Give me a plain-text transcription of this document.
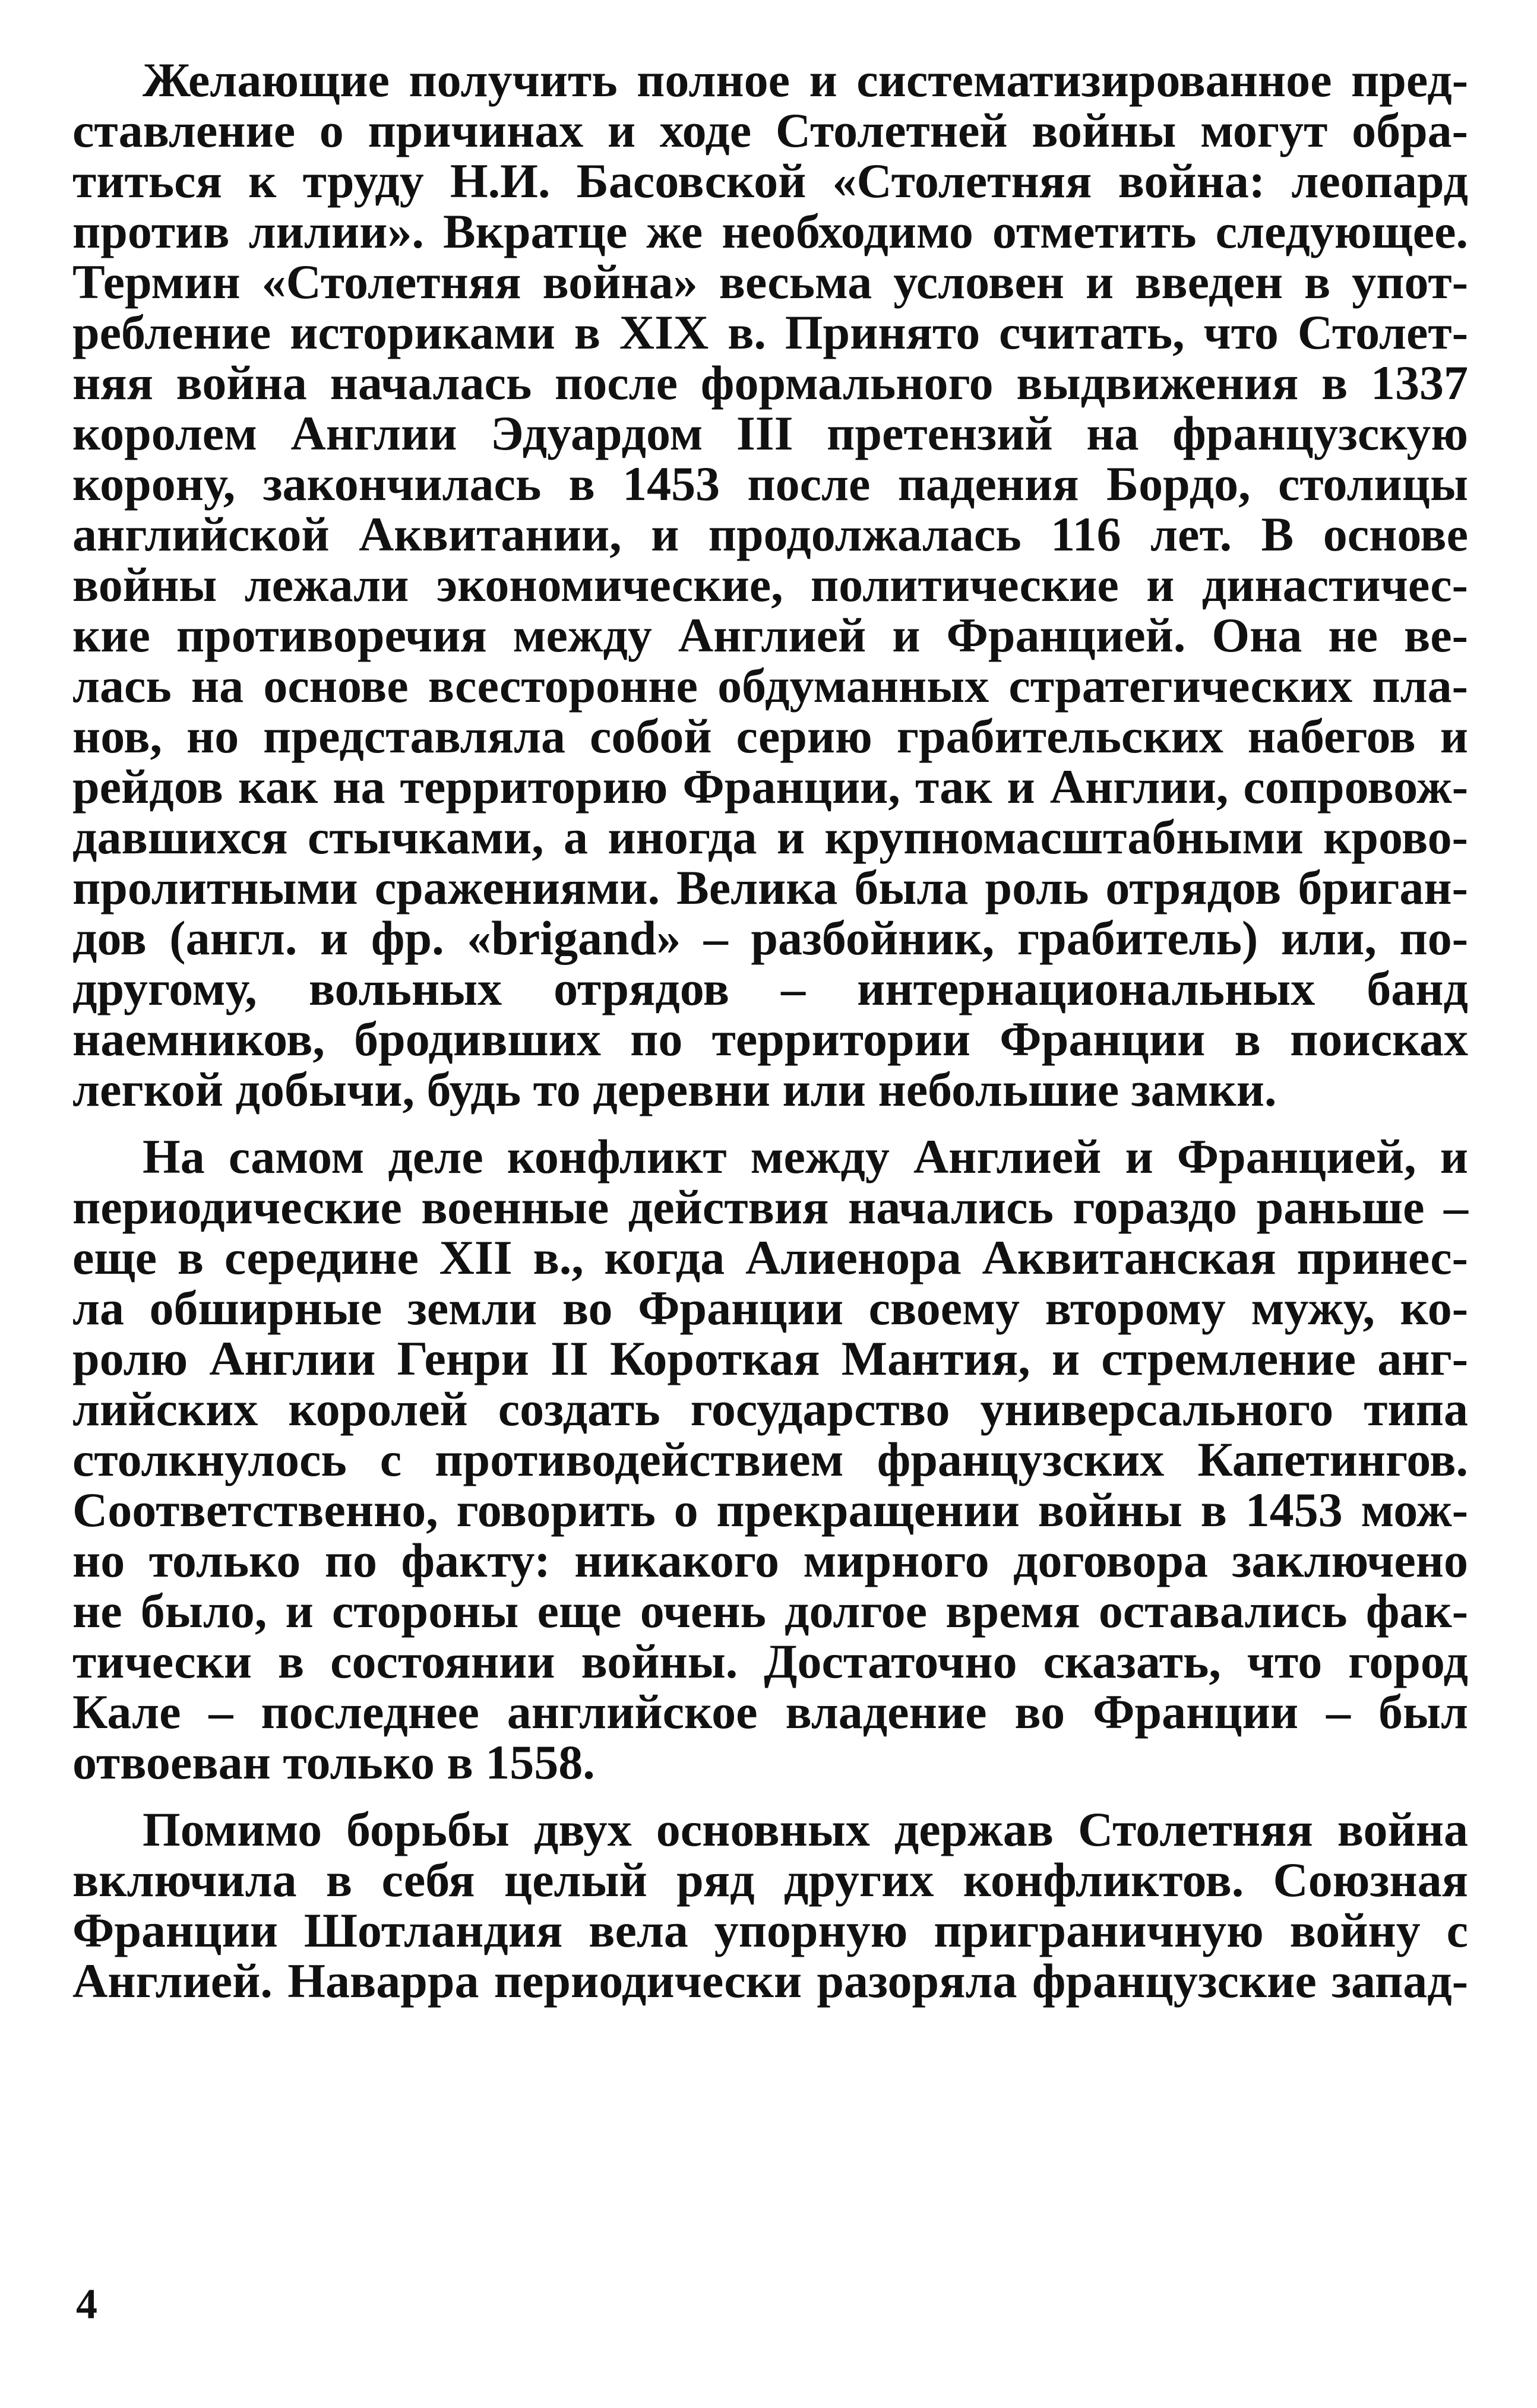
Желающие получить полное и систематизированное пред-
ставление о причинах и ходе Столетней войны могут обра-
титься к труду Н.И. Басовской «Столетняя война: леопард
против лилии». Вкратце же необходимо отметить следующее.
Термин «Столетняя война» весьма условен и введен в упот-
ребление историками в XIX в. Принято считать, что Столет-
няя война началась после формального выдвижения в 1337
королем Англии Эдуардом III претензий на французскую
корону, закончилась в 1453 после падения Бордо, столицы
английской Аквитании, и продолжалась 116 лет. В основе
войны лежали экономические, политические и династичес-
кие противоречия между Англией и Францией. Она не ве-
лась на основе всесторонне обдуманных стратегических пла-
нов, но представляла собой серию грабительских набегов и
рейдов как на территорию Франции, так и Англии, сопровож-
давшихся стычками, а иногда и крупномасштабными крово-
пролитными сражениями. Велика была роль отрядов бриган-
дов (англ. и фр. «brigand» – разбойник, грабитель) или, по-
другому, вольных отрядов – интернациональных банд
наемников, бродивших по территории Франции в поисках
легкой добычи, будь то деревни или небольшие замки.
На самом деле конфликт между Англией и Францией, и
периодические военные действия начались гораздо раньше –
еще в середине XII в., когда Алиенора Аквитанская принес-
ла обширные земли во Франции своему второму мужу, ко-
ролю Англии Генри II Короткая Мантия, и стремление анг-
лийских королей создать государство универсального типа
столкнулось с противодействием французских Капетингов.
Соответственно, говорить о прекращении войны в 1453 мож-
но только по факту: никакого мирного договора заключено
не было, и стороны еще очень долгое время оставались фак-
тически в состоянии войны. Достаточно сказать, что город
Кале – последнее английское владение во Франции – был
отвоеван только в 1558.
Помимо борьбы двух основных держав Столетняя война
включила в себя целый ряд других конфликтов. Союзная
Франции Шотландия вела упорную приграничную войну с
Англией. Наварра периодически разоряла французские запад-
4
